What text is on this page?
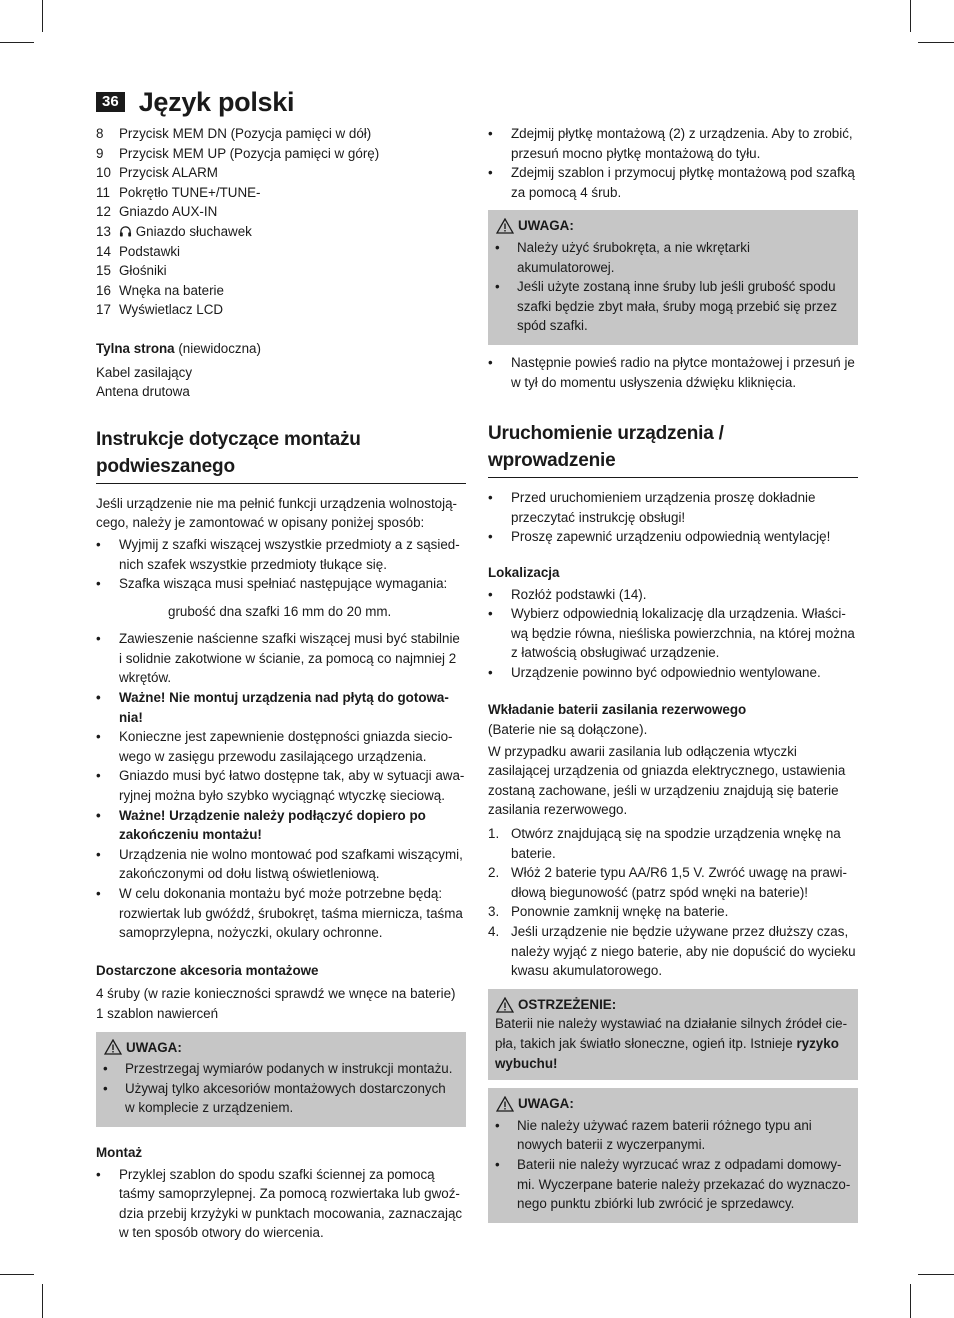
36 Język polski
8	Przycisk MEM DN (Pozycja pamięci w dół)
9	Przycisk MEM UP (Pozycja pamięci w górę)
10 Przycisk ALARM
11 Pokrętło TUNE+/TUNE-
12 Gniazdo AUX-IN
13	Gniazdo słuchawek
14 Podstawki
15 Głośniki
16 Wnęka na baterie
17 Wyświetlacz LCD

Tylna strona (niewidoczna)

Kabel zasilający

Antena drutowa

Instrukcje dotyczące montażu
podwieszanego

Jeśli urządzenie nie ma pełnić funkcji urządzenia wolnostoją-cego, należy je zamontować w opisany poniżej sposób:

• Wyjmij z szafki wiszącej wszystkie przedmioty a z sąsied-nich szafek wszystkie przedmioty tłukące się.
• Szafka wisząca musi spełniać następujące wymagania:

grubość dna szafki 16 mm do 20 mm.

• Zawieszenie naścienne szafki wiszącej musi być stabilnie i solidnie zakotwione w ścianie, za pomocą co najmniej 2 wkrętów.
• Ważne! Nie montuj urządzenia nad płytą do gotowa-nia!
• Konieczne jest zapewnienie dostępności gniazda siecio-wego w zasięgu przewodu zasilającego urządzenia.
• Gniazdo musi być łatwo dostępne tak, aby w sytuacji awa-ryjnej można było szybko wyciągnąć wtyczkę sieciową.
• Ważne! Urządzenie należy podłączyć dopiero po zakończeniu montażu!
• Urządzenia nie wolno montować pod szafkami wiszącymi, zakończonymi od dołu listwą oświetleniową.
• W celu dokonania montażu być może potrzebne będą: rozwiertak lub gwóźdź, śrubokręt, taśma miernicza, taśma samoprzylepna, nożyczki, okulary ochronne.

Dostarczone akcesoria montażowe

4 śruby (w razie konieczności sprawdź we wnęce na baterie)

1 szablon nawierceń

UWAGA:
• Przestrzegaj wymiarów podanych w instrukcji montażu.
• Używaj tylko akcesoriów montażowych dostarczonych w komplecie z urządzeniem.

Montaż

• Przyklej szablon do spodu szafki ściennej za pomocą taśmy samoprzylepnej. Za pomocą rozwiertaka lub gwoź-dzia przebij krzyżyki w punktach mocowania, zaznaczając w ten sposób otwory do wiercenia.
• Zdejmij płytkę montażową (2) z urządzenia. Aby to zrobić, przesuń mocno płytkę montażową do tyłu.
• Zdejmij szablon i przymocuj płytkę montażową pod szafką za pomocą 4 śrub.
UWAGA:
• Należy użyć śrubokręta, a nie wkrętarki akumulatorowej.
• Jeśli użyte zostaną inne śruby lub jeśli grubość spodu szafki będzie zbyt mała, śruby mogą przebić się przez spód szafki.
• Następnie powieś radio na płytce montażowej i przesuń je w tył do momentu usłyszenia dźwięku kliknięcia.
Uruchomienie urządzenia /
wprowadzenie
• Przed uruchomieniem urządzenia proszę dokładnie przeczytać instrukcję obsługi!
• Proszę zapewnić urządzeniu odpowiednią wentylację!

Lokalizacja

• Rozłóż podstawki (14).
• Wybierz odpowiednią lokalizację dla urządzenia. Właści-wą będzie równa, nieśliska powierzchnia, na której można z łatwością obsługiwać urządzenie.
• Urządzenie powinno być odpowiednio wentylowane.

Wkładanie baterii zasilania rezerwowego

(Baterie nie są dołączone).

W przypadku awarii zasilania lub odłączenia wtyczki zasilającej urządzenia od gniazda elektrycznego, ustawienia zostaną zachowane, jeśli w urządzeniu znajdują się baterie zasilania rezerwowego.

1. Otwórz znajdującą się na spodzie urządzenia wnękę na baterie.
2. Włóż 2 baterie typu AA/R6 1,5 V. Zwróć uwagę na prawi-dłową biegunowość (patrz spód wnęki na baterie)!
3. Ponownie zamknij wnękę na baterie.
4. Jeśli urządzenie nie będzie używane przez dłuższy czas, należy wyjąć z niego baterie, aby nie dopuścić do wycieku kwasu akumulatorowego.
OSTRZEŻENIE:

Baterii nie należy wystawiać na działanie silnych źródeł cie-pła, takich jak światło słoneczne, ogień itp. Istnieje ryzyko wybuchu!

UWAGA:
• Nie należy używać razem baterii różnego typu ani nowych baterii z wyczerpanymi.
• Baterii nie należy wyrzucać wraz z odpadami domowy-mi. Wyczerpane baterie należy przekazać do wyznaczo-nego punktu zbiórki lub zwrócić je sprzedawcy.
